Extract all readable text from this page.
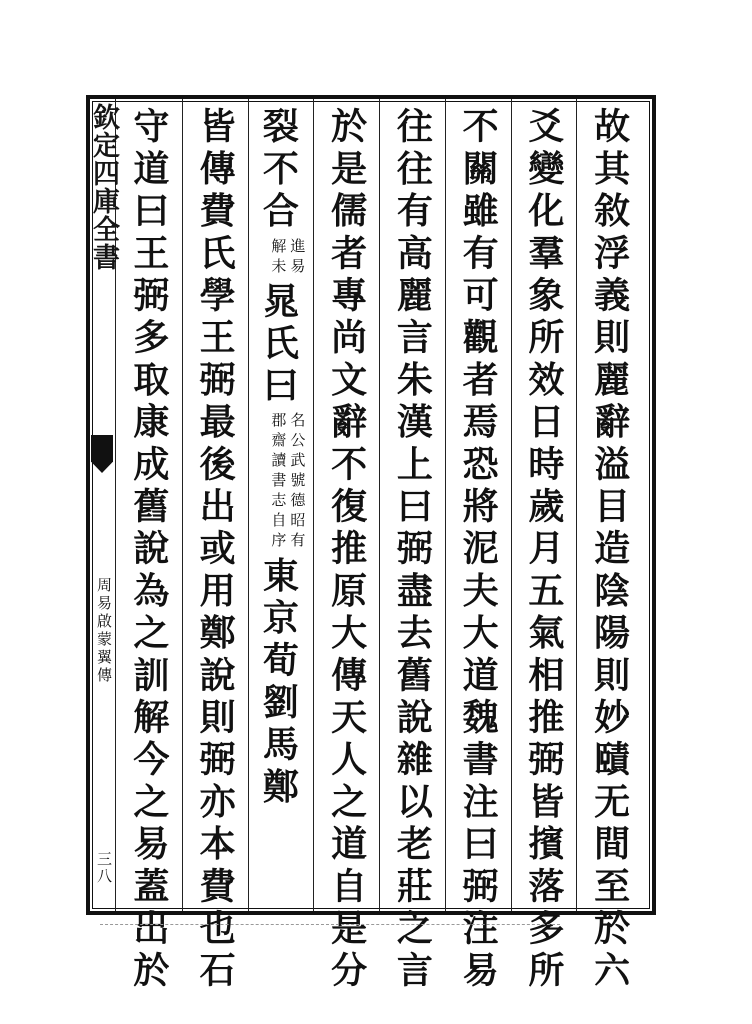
欽定四庫全書
周易啟蒙翼傳
三八	故其敘浮義則麗辭溢目造陰陽則妙賾无間至於六
爻變化羣象所效日時歲月五氣相推弼皆擯落多所
不關雖有可觀者焉恐將泥夫大道魏書注曰弼注易
往往有高麗言朱漢上曰弼盡去舊說雜以老莊之言
於是儒者專尚文辭不復推原大傳天人之道自是分
裂不合
進易
解未
晁氏曰
名公武號德昭有
郡齋讀書志自序
東京荀劉馬鄭
皆傳費氏學王弼最後出或用鄭說則弼亦本費也石
守道曰王弼多取康成舊說為之訓解今之易蓋出於
